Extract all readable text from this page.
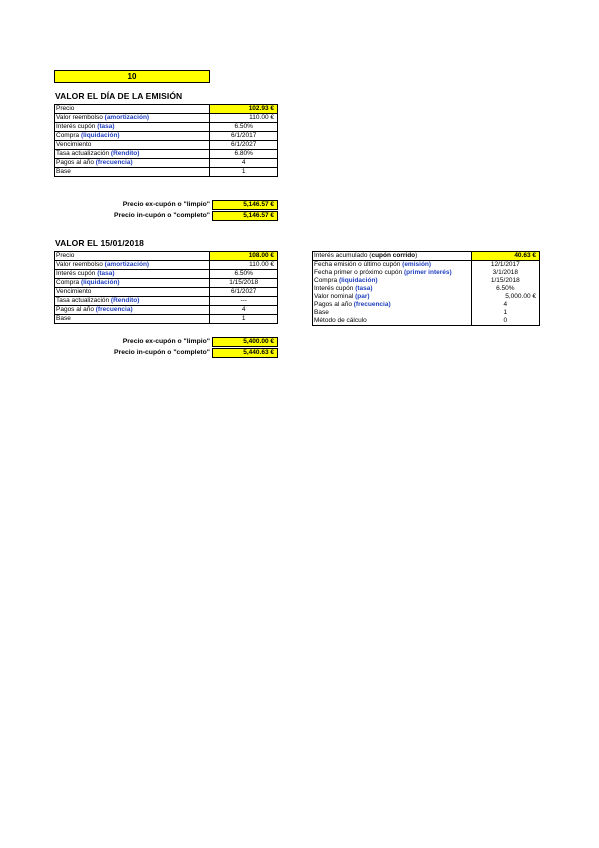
10
VALOR EL DÍA DE LA EMISIÓN
Precio	102.93 €
Valor reembolso (amortización)	110.00 €
Interés cupón (tasa)	6.50%
Compra (liquidación)	6/1/2017
Vencimiento	6/1/2027
Tasa actualización (Rendito)	6.80%
Pagos al año (frecuencia)	4
Base	1
Precio ex-cupón o "limpio"	5,146.57 €
Precio in-cupón o "completo"	5,146.57 €
VALOR EL 15/01/2018
Precio	108.00 €
Valor reembolso (amortización)	110.00 €
Interés cupón (tasa)	6.50%
Compra (liquidación)	1/15/2018
Vencimiento	6/1/2027
Tasa actualización (Rendito)	---
Pagos al año (frecuencia)	4
Base	1
Precio ex-cupón o "limpio"	5,400.00 €
Precio in-cupón o "completo"	5,440.63 €
Interés acumulado (cupón corrido)	40.63 €
Fecha emisión o último cupón (emisión)	12/1/2017
Fecha primer o próximo cupón (primer interés)	3/1/2018
Compra (liquidación)	1/15/2018
Interés cupón (tasa)	6.50%
Valor nominal (par)	5,000.00 €
Pagos al año (frecuencia)	4
Base	1
Método de cálculo	0
